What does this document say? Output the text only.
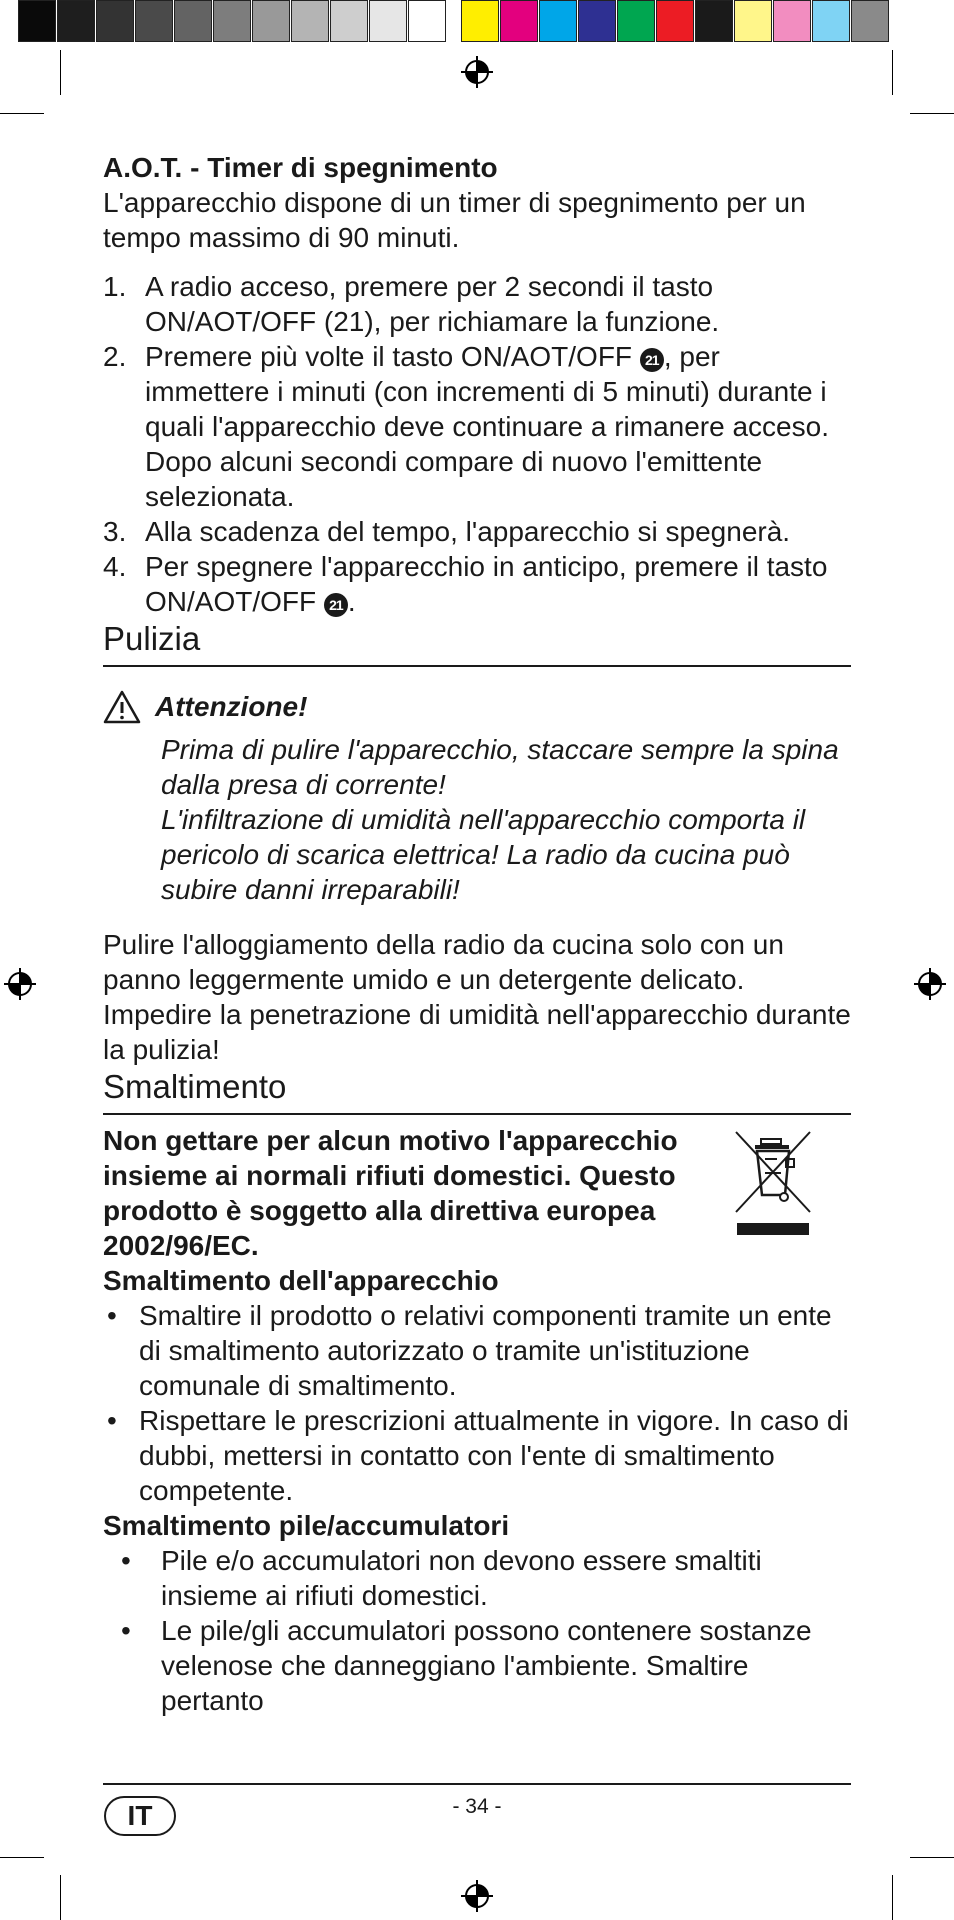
A.O.T. - Timer di spegnimento

L'apparecchio dispone di un timer di spegnimento per un tempo massimo di 90 minuti.

1. A radio acceso, premere per 2 secondi il tasto ON/AOT/OFF (21), per richiamare la funzione.
2. Premere più volte il tasto ON/AOT/OFF 21 , per immettere i minuti (con incrementi di 5 minuti) durante i quali l'apparecchio deve continuare a rimanere acceso. Dopo alcuni secondi compare di nuovo l'emittente selezionata.
3. Alla scadenza del tempo, l'apparecchio si spegnerà.
4. Per spegnere l'apparecchio in anticipo, premere il tasto ON/AOT/OFF 21 .
Pulizia
Attenzione!

Prima di pulire l'apparecchio, staccare sempre la spina dalla presa di corrente!

L'infiltrazione di umidità nell'apparecchio comporta il pericolo di scarica elettrica! La radio da cucina può subire danni irreparabili!

Pulire l'alloggiamento della radio da cucina solo con un panno leggermente umido e un detergente delicato. Impedire la penetrazione di umidità nell'apparecchio durante la pulizia!

Smaltimento

Non gettare per alcun motivo l'apparecchio insieme ai normali rifiuti domestici. Questo prodotto è soggetto alla direttiva europea 2002/96/EC.

Smaltimento dell'apparecchio
• Smaltire il prodotto o relativi componenti tramite un ente di smaltimento autorizzato o tramite un'istituzione comunale di smaltimento.
• Rispettare le prescrizioni attualmente in vigore. In caso di dubbi, mettersi in contatto con l'ente di smaltimento competente.
Smaltimento pile/accumulatori
• Pile e/o accumulatori non devono essere smaltiti insieme ai rifiuti domestici.
• Le pile/gli accumulatori possono contenere sostanze velenose che danneggiano l'ambiente. Smaltire pertanto
IT	- 34 -
